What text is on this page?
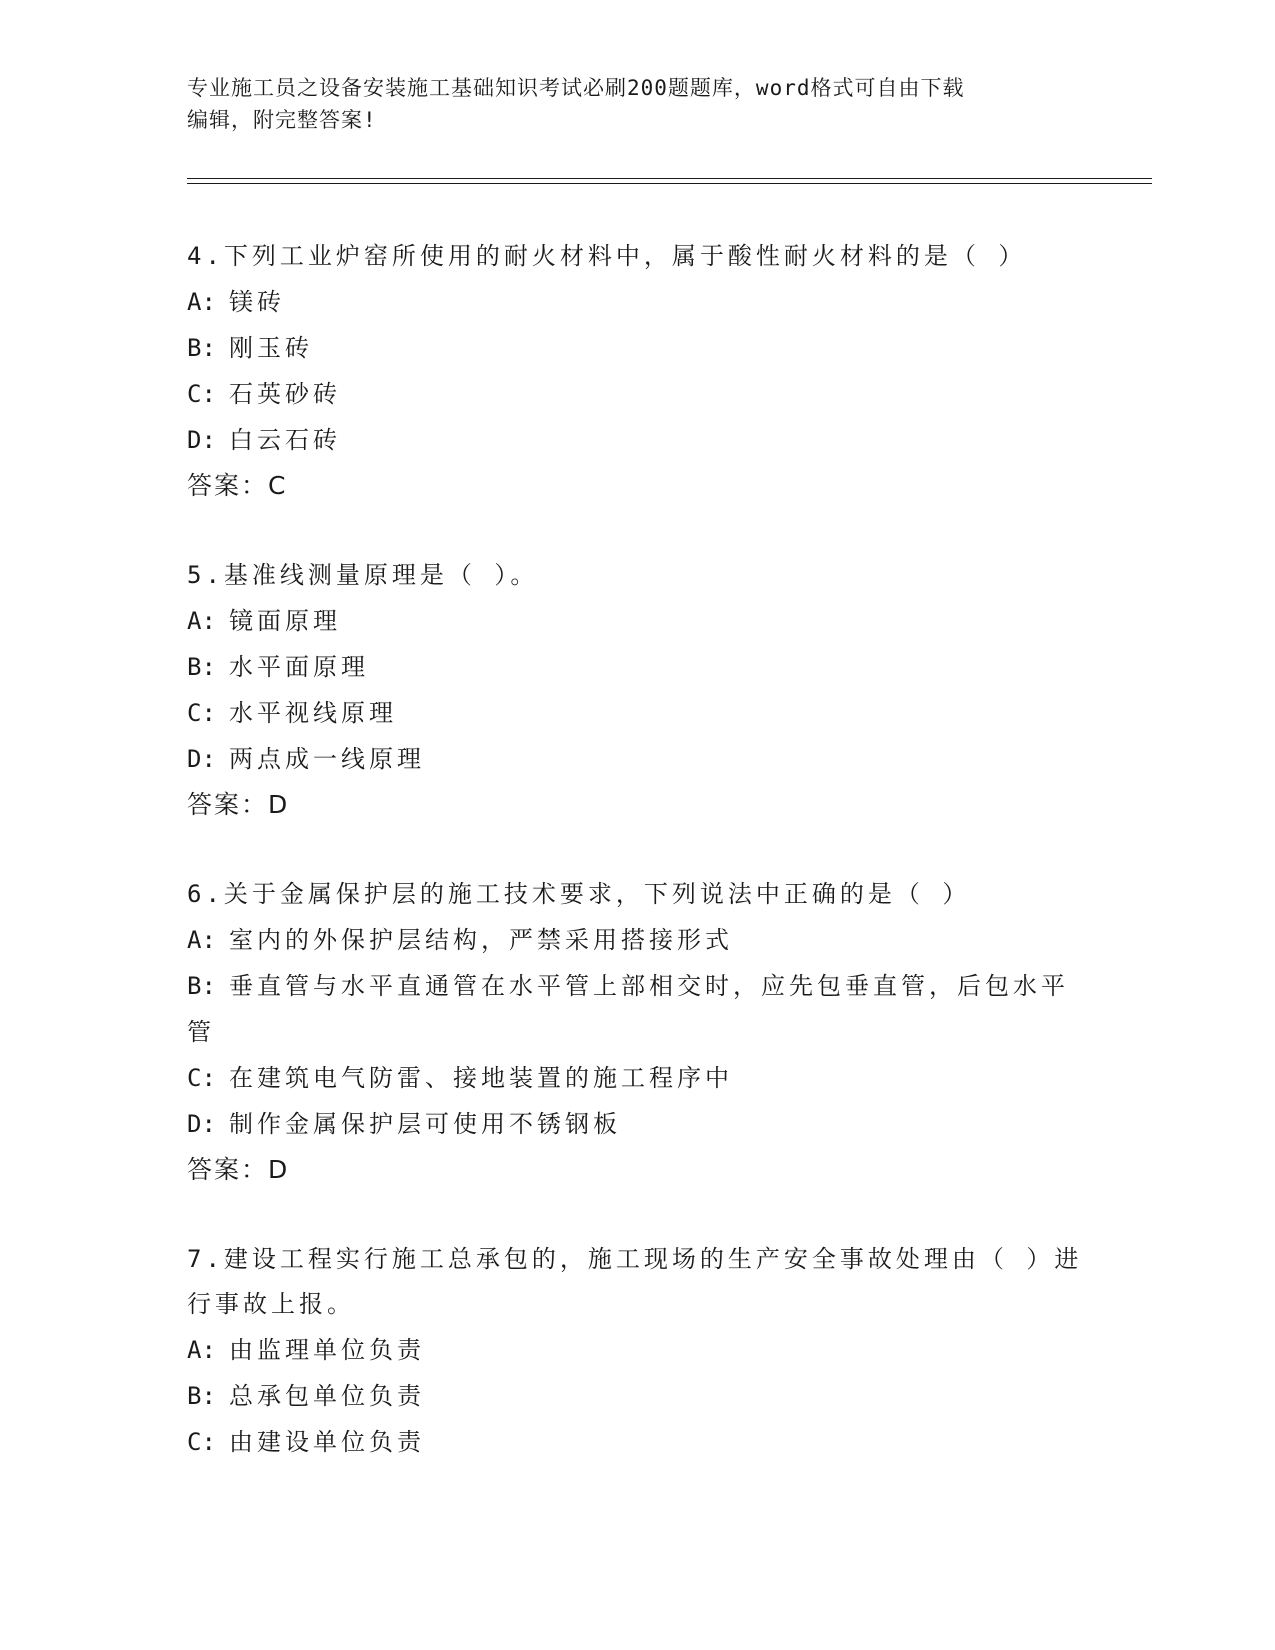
专业施工员之设备安装施工基础知识考试必刷200题题库，word格式可自由下载
编辑，附完整答案!
4.下列工业炉窑所使用的耐火材料中，属于酸性耐火材料的是（ ）
A: 镁砖
B: 刚玉砖
C: 石英砂砖
D: 白云石砖
答案：C
5.基准线测量原理是（ ）。
A: 镜面原理
B: 水平面原理
C: 水平视线原理
D: 两点成一线原理
答案：D
6.关于金属保护层的施工技术要求，下列说法中正确的是（ ）
A: 室内的外保护层结构，严禁采用搭接形式
B: 垂直管与水平直通管在水平管上部相交时，应先包垂直管，后包水平管
C: 在建筑电气防雷、接地装置的施工程序中
D: 制作金属保护层可使用不锈钢板
答案：D
7.建设工程实行施工总承包的，施工现场的生产安全事故处理由（ ）进行事故上报。
A: 由监理单位负责
B: 总承包单位负责
C: 由建设单位负责
